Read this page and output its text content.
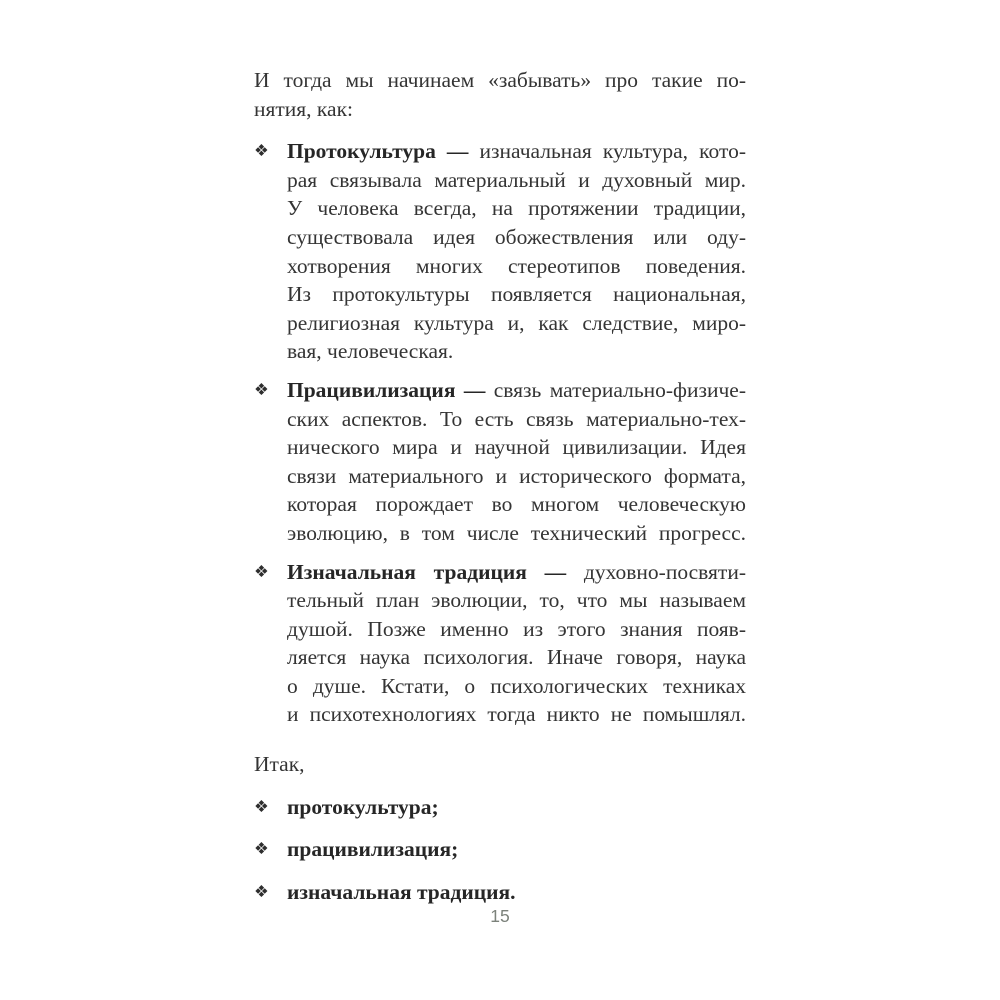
И тогда мы начинаем «забывать» про такие по-
нятия, как:
❖ Протокультура — изначальная культура, кото-
рая связывала материальный и духовный мир.
У человека всегда, на протяжении традиции,
существовала идея обожествления или оду-
хотворения многих стереотипов поведения.
Из протокультуры появляется национальная,
религиозная культура и, как следствие, миро-
вая, человеческая.
❖ Працивилизация — связь материально-физиче-
ских аспектов. То есть связь материально-тех-
нического мира и научной цивилизации. Идея
связи материального и исторического формата,
которая порождает во многом человеческую
эволюцию, в том числе технический прогресс.
❖ Изначальная традиция — духовно-посвяти-
тельный план эволюции, то, что мы называем
душой. Позже именно из этого знания появ-
ляется наука психология. Иначе говоря, наука
о душе. Кстати, о психологических техниках
и психотехнологиях тогда никто не помышлял.
Итак,
❖ протокультура;
❖ працивилизация;
❖ изначальная традиция.
15
